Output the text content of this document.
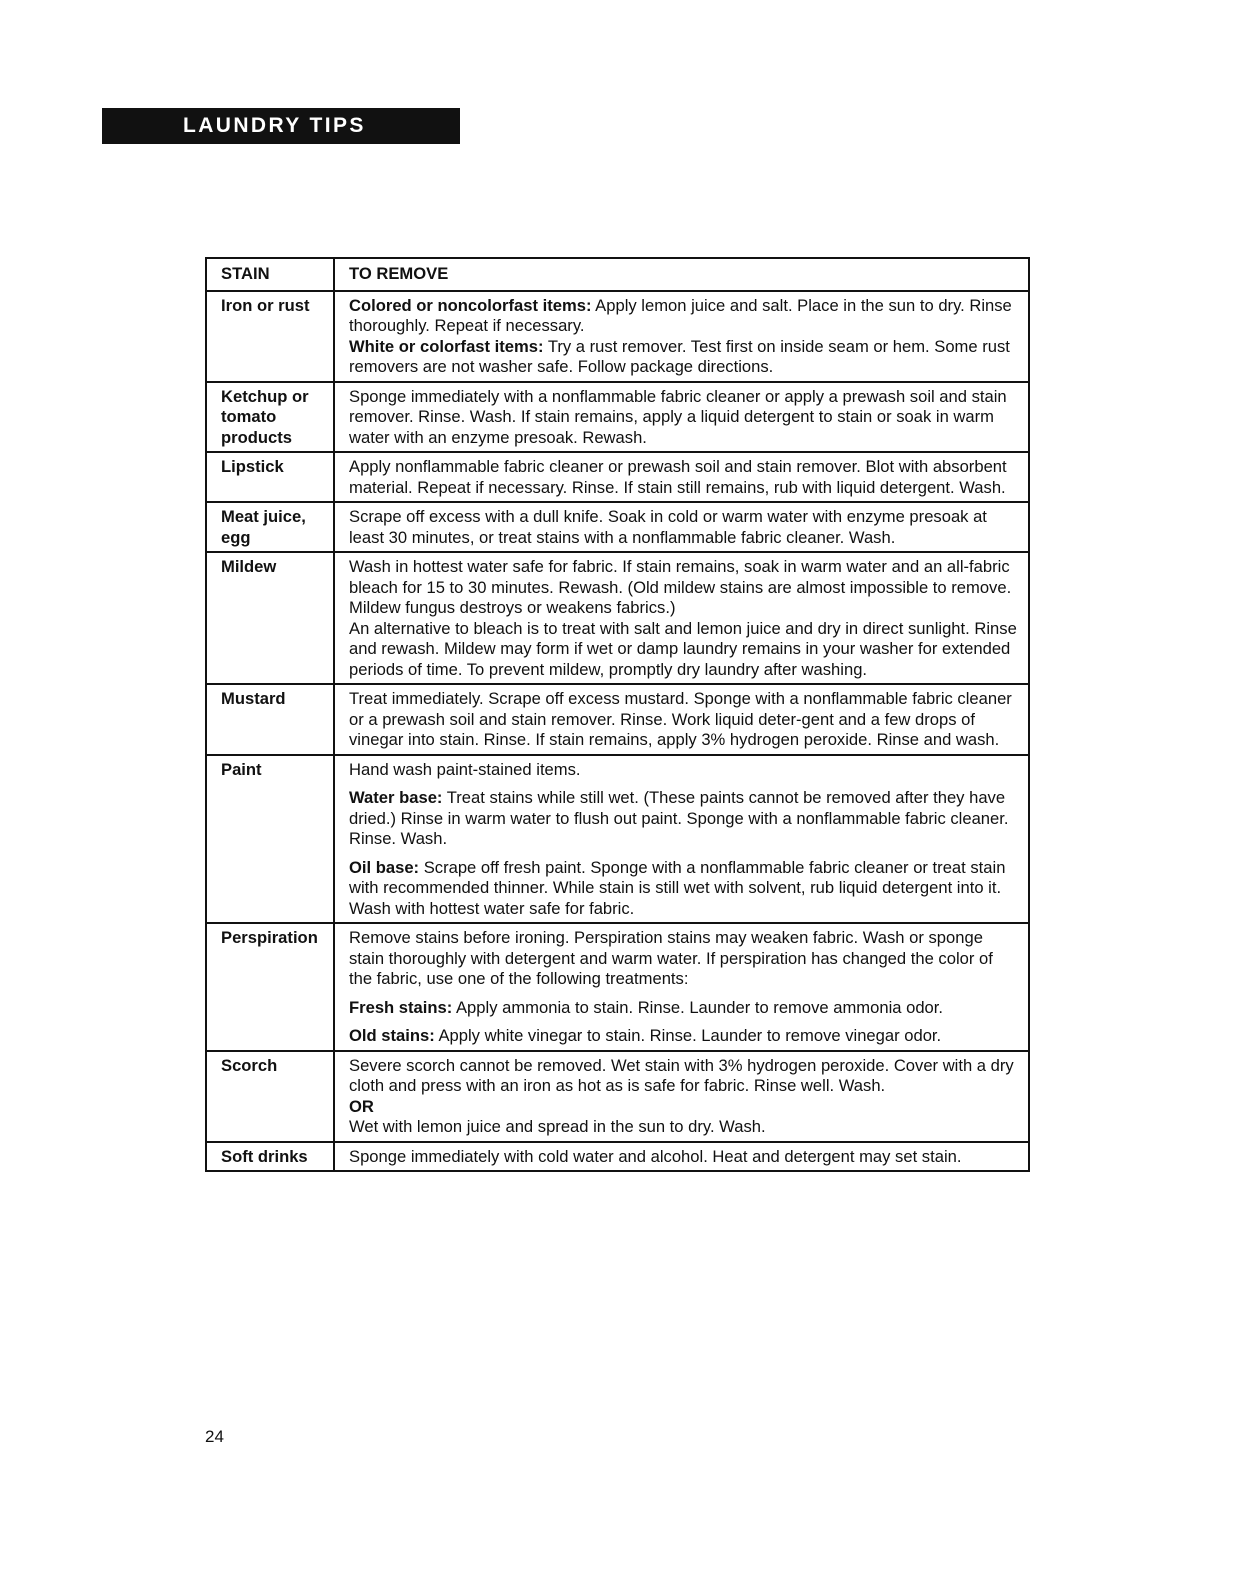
LAUNDRY TIPS
STAIN	TO REMOVE
Iron or rust	Colored or noncolorfast items: Apply lemon juice and salt. Place in the sun to dry. Rinse thoroughly. Repeat if necessary.

White or colorfast items: Try a rust remover. Test first on inside seam or hem. Some rust removers are not washer safe. Follow package directions.

Ketchup or tomato products	Sponge immediately with a nonflammable fabric cleaner or apply a prewash soil and stain remover. Rinse. Wash. If stain remains, apply a liquid detergent to stain or soak in warm water with an enzyme presoak. Rewash.

Lipstick	Apply nonflammable fabric cleaner or prewash soil and stain remover. Blot with absorbent material. Repeat if necessary. Rinse. If stain still remains, rub with liquid detergent. Wash.

Meat juice, egg	Scrape off excess with a dull knife. Soak in cold or warm water with enzyme presoak at least 30 minutes, or treat stains with a nonflammable fabric cleaner. Wash.

Mildew	Wash in hottest water safe for fabric. If stain remains, soak in warm water and an all-fabric bleach for 15 to 30 minutes. Rewash. (Old mildew stains are almost impossible to remove. Mildew fungus destroys or weakens fabrics.)

An alternative to bleach is to treat with salt and lemon juice and dry in direct sunlight. Rinse and rewash. Mildew may form if wet or damp laundry remains in your washer for extended periods of time. To prevent mildew, promptly dry laundry after washing.

Mustard	Treat immediately. Scrape off excess mustard. Sponge with a nonflammable fabric cleaner or a prewash soil and stain remover. Rinse. Work liquid deter-gent and a few drops of vinegar into stain. Rinse. If stain remains, apply 3% hydrogen peroxide. Rinse and wash.

Paint	Hand wash paint-stained items.

Water base: Treat stains while still wet. (These paints cannot be removed after they have dried.) Rinse in warm water to flush out paint. Sponge with a nonflammable fabric cleaner. Rinse. Wash.

Oil base: Scrape off fresh paint. Sponge with a nonflammable fabric cleaner or treat stain with recommended thinner. While stain is still wet with solvent, rub liquid detergent into it. Wash with hottest water safe for fabric.

Perspiration	Remove stains before ironing. Perspiration stains may weaken fabric. Wash or sponge stain thoroughly with detergent and warm water. If perspiration has changed the color of the fabric, use one of the following treatments:

Fresh stains: Apply ammonia to stain. Rinse. Launder to remove ammonia odor.

Old stains: Apply white vinegar to stain. Rinse. Launder to remove vinegar odor.

Scorch	Severe scorch cannot be removed. Wet stain with 3% hydrogen peroxide. Cover with a dry cloth and press with an iron as hot as is safe for fabric. Rinse well. Wash.

OR

Wet with lemon juice and spread in the sun to dry. Wash.

Soft drinks	Sponge immediately with cold water and alcohol. Heat and detergent may set stain.

24
